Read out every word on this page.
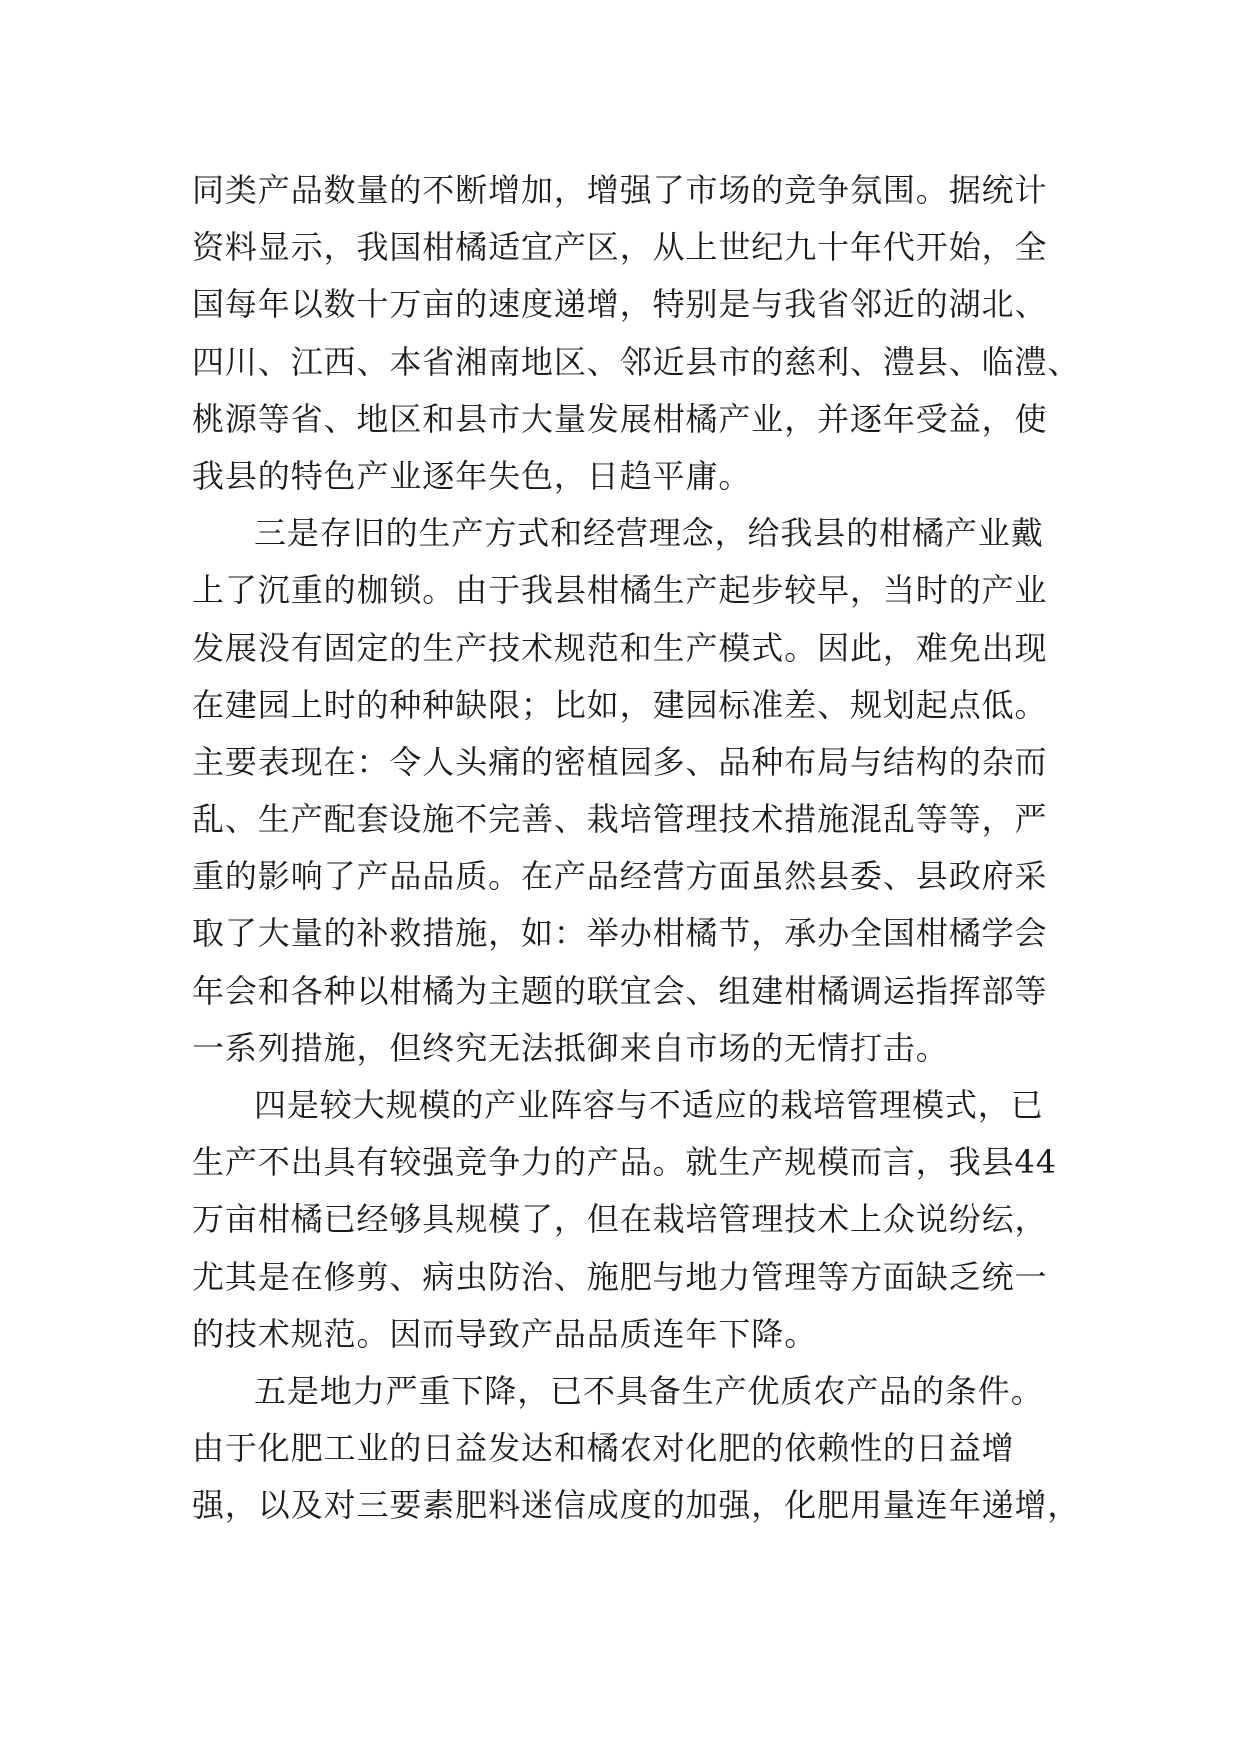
同类产品数量的不断增加，增强了市场的竞争氛围。据统计
资料显示，我国柑橘适宜产区，从上世纪九十年代开始，全
国每年以数十万亩的速度递增，特别是与我省邻近的湖北、
四川、江西、本省湘南地区、邻近县市的慈利、澧县、临澧、
桃源等省、地区和县市大量发展柑橘产业，并逐年受益，使
我县的特色产业逐年失色，日趋平庸。
三是存旧的生产方式和经营理念，给我县的柑橘产业戴
上了沉重的枷锁。由于我县柑橘生产起步较早，当时的产业
发展没有固定的生产技术规范和生产模式。因此，难免出现
在建园上时的种种缺限；比如，建园标准差、规划起点低。
主要表现在：令人头痛的密植园多、品种布局与结构的杂而
乱、生产配套设施不完善、栽培管理技术措施混乱等等，严
重的影响了产品品质。在产品经营方面虽然县委、县政府采
取了大量的补救措施，如：举办柑橘节，承办全国柑橘学会
年会和各种以柑橘为主题的联宜会、组建柑橘调运指挥部等
一系列措施，但终究无法抵御来自市场的无情打击。
四是较大规模的产业阵容与不适应的栽培管理模式，已
生产不出具有较强竞争力的产品。就生产规模而言，我县44
万亩柑橘已经够具规模了，但在栽培管理技术上众说纷纭，
尤其是在修剪、病虫防治、施肥与地力管理等方面缺乏统一
的技术规范。因而导致产品品质连年下降。
五是地力严重下降，已不具备生产优质农产品的条件。
由于化肥工业的日益发达和橘农对化肥的依赖性的日益增
强，以及对三要素肥料迷信成度的加强，化肥用量连年递增，
